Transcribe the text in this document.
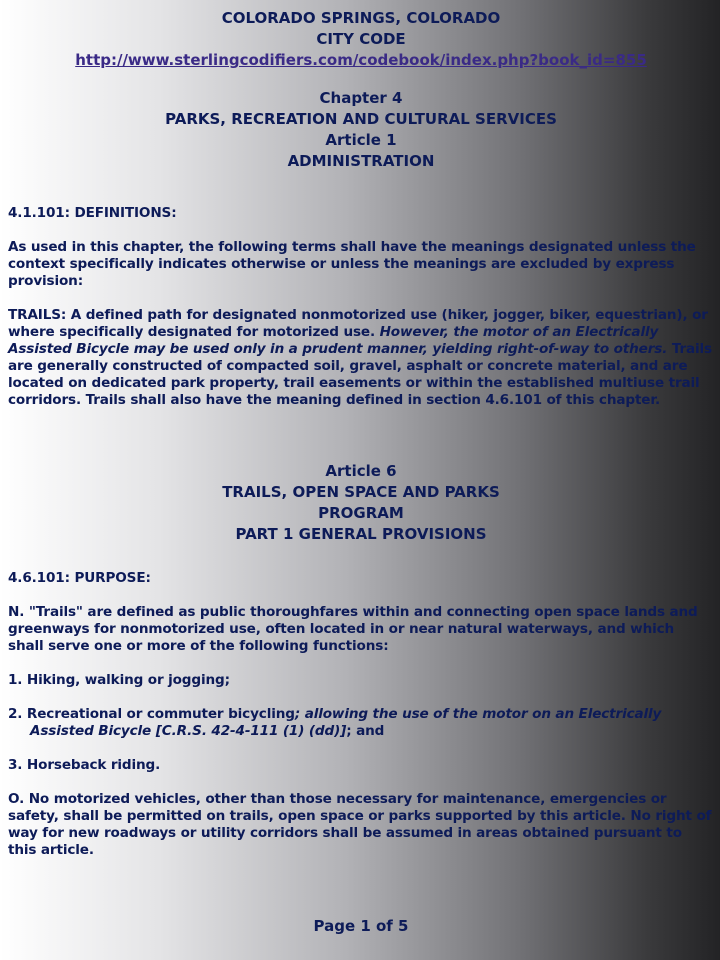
COLORADO SPRINGS, COLORADO

CITY CODE

http://www.sterlingcodifiers.com/codebook/index.php?book_id=855

Chapter 4

PARKS, RECREATION AND CULTURAL SERVICES

Article 1

ADMINISTRATION

4.1.101: DEFINITIONS:

As used in this chapter, the following terms shall have the meanings designated unless the context specifically indicates otherwise or unless the meanings are excluded by express provision:

TRAILS: A defined path for designated nonmotorized use (hiker, jogger, biker, equestrian), or where specifically designated for motorized use. However, the motor of an Electrically Assisted Bicycle may be used only in a prudent manner, yielding right-of-way to others. Trails are generally constructed of compacted soil, gravel, asphalt or concrete material, and are located on dedicated park property, trail easements or within the established multiuse trail corridors. Trails shall also have the meaning defined in section 4.6.101 of this chapter.

Article 6

TRAILS, OPEN SPACE AND PARKS

PROGRAM

PART 1 GENERAL PROVISIONS

4.6.101: PURPOSE:

N. "Trails" are defined as public thoroughfares within and connecting open space lands and greenways for nonmotorized use, often located in or near natural waterways, and which shall serve one or more of the following functions:

1. Hiking, walking or jogging;

2. Recreational or commuter bicycling; allowing the use of the motor on an Electrically Assisted Bicycle [C.R.S. 42-4-111 (1) (dd)]; and

3. Horseback riding.

O. No motorized vehicles, other than those necessary for maintenance, emergencies or safety, shall be permitted on trails, open space or parks supported by this article. No right of way for new roadways or utility corridors shall be assumed in areas obtained pursuant to this article.

Page 1 of 5
